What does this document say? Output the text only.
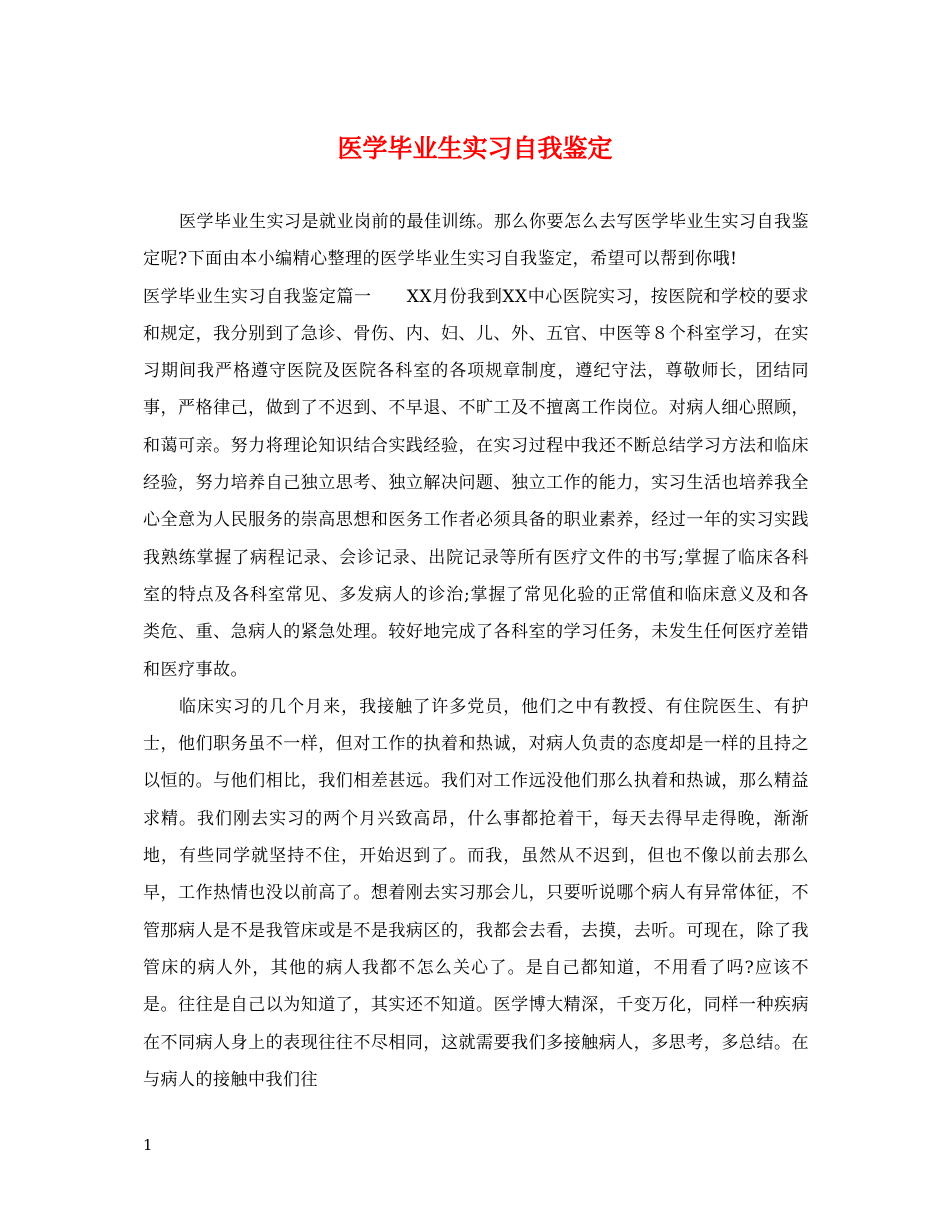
医学毕业生实习自我鉴定

医学毕业生实习是就业岗前的最佳训练。那么你要怎么去写医学毕业生实习自我鉴定呢?下面由本小编精心整理的医学毕业生实习自我鉴定，希望可以帮到你哦!

医学毕业生实习自我鉴定篇一　　XX月份我到XX中心医院实习，按医院和学校的要求和规定，我分别到了急诊、骨伤、内、妇、儿、外、五官、中医等８个科室学习，在实习期间我严格遵守医院及医院各科室的各项规章制度，遵纪守法，尊敬师长，团结同事，严格律己，做到了不迟到、不早退、不旷工及不擅离工作岗位。对病人细心照顾，和蔼可亲。努力将理论知识结合实践经验，在实习过程中我还不断总结学习方法和临床经验，努力培养自己独立思考、独立解决问题、独立工作的能力，实习生活也培养我全心全意为人民服务的崇高思想和医务工作者必须具备的职业素养，经过一年的实习实践我熟练掌握了病程记录、会诊记录、出院记录等所有医疗文件的书写;掌握了临床各科室的特点及各科室常见、多发病人的诊治;掌握了常见化验的正常值和临床意义及和各类危、重、急病人的紧急处理。较好地完成了各科室的学习任务，未发生任何医疗差错和医疗事故。

临床实习的几个月来，我接触了许多党员，他们之中有教授、有住院医生、有护士，他们职务虽不一样，但对工作的执着和热诚，对病人负责的态度却是一样的且持之以恒的。与他们相比，我们相差甚远。我们对工作远没他们那么执着和热诚，那么精益求精。我们刚去实习的两个月兴致高昂，什么事都抢着干，每天去得早走得晚，渐渐地，有些同学就坚持不住，开始迟到了。而我，虽然从不迟到，但也不像以前去那么早，工作热情也没以前高了。想着刚去实习那会儿，只要听说哪个病人有异常体征，不管那病人是不是我管床或是不是我病区的，我都会去看，去摸，去听。可现在，除了我管床的病人外，其他的病人我都不怎么关心了。是自己都知道，不用看了吗?应该不是。往往是自己以为知道了，其实还不知道。医学博大精深，千变万化，同样一种疾病在不同病人身上的表现往往不尽相同，这就需要我们多接触病人，多思考，多总结。在与病人的接触中我们往

1
